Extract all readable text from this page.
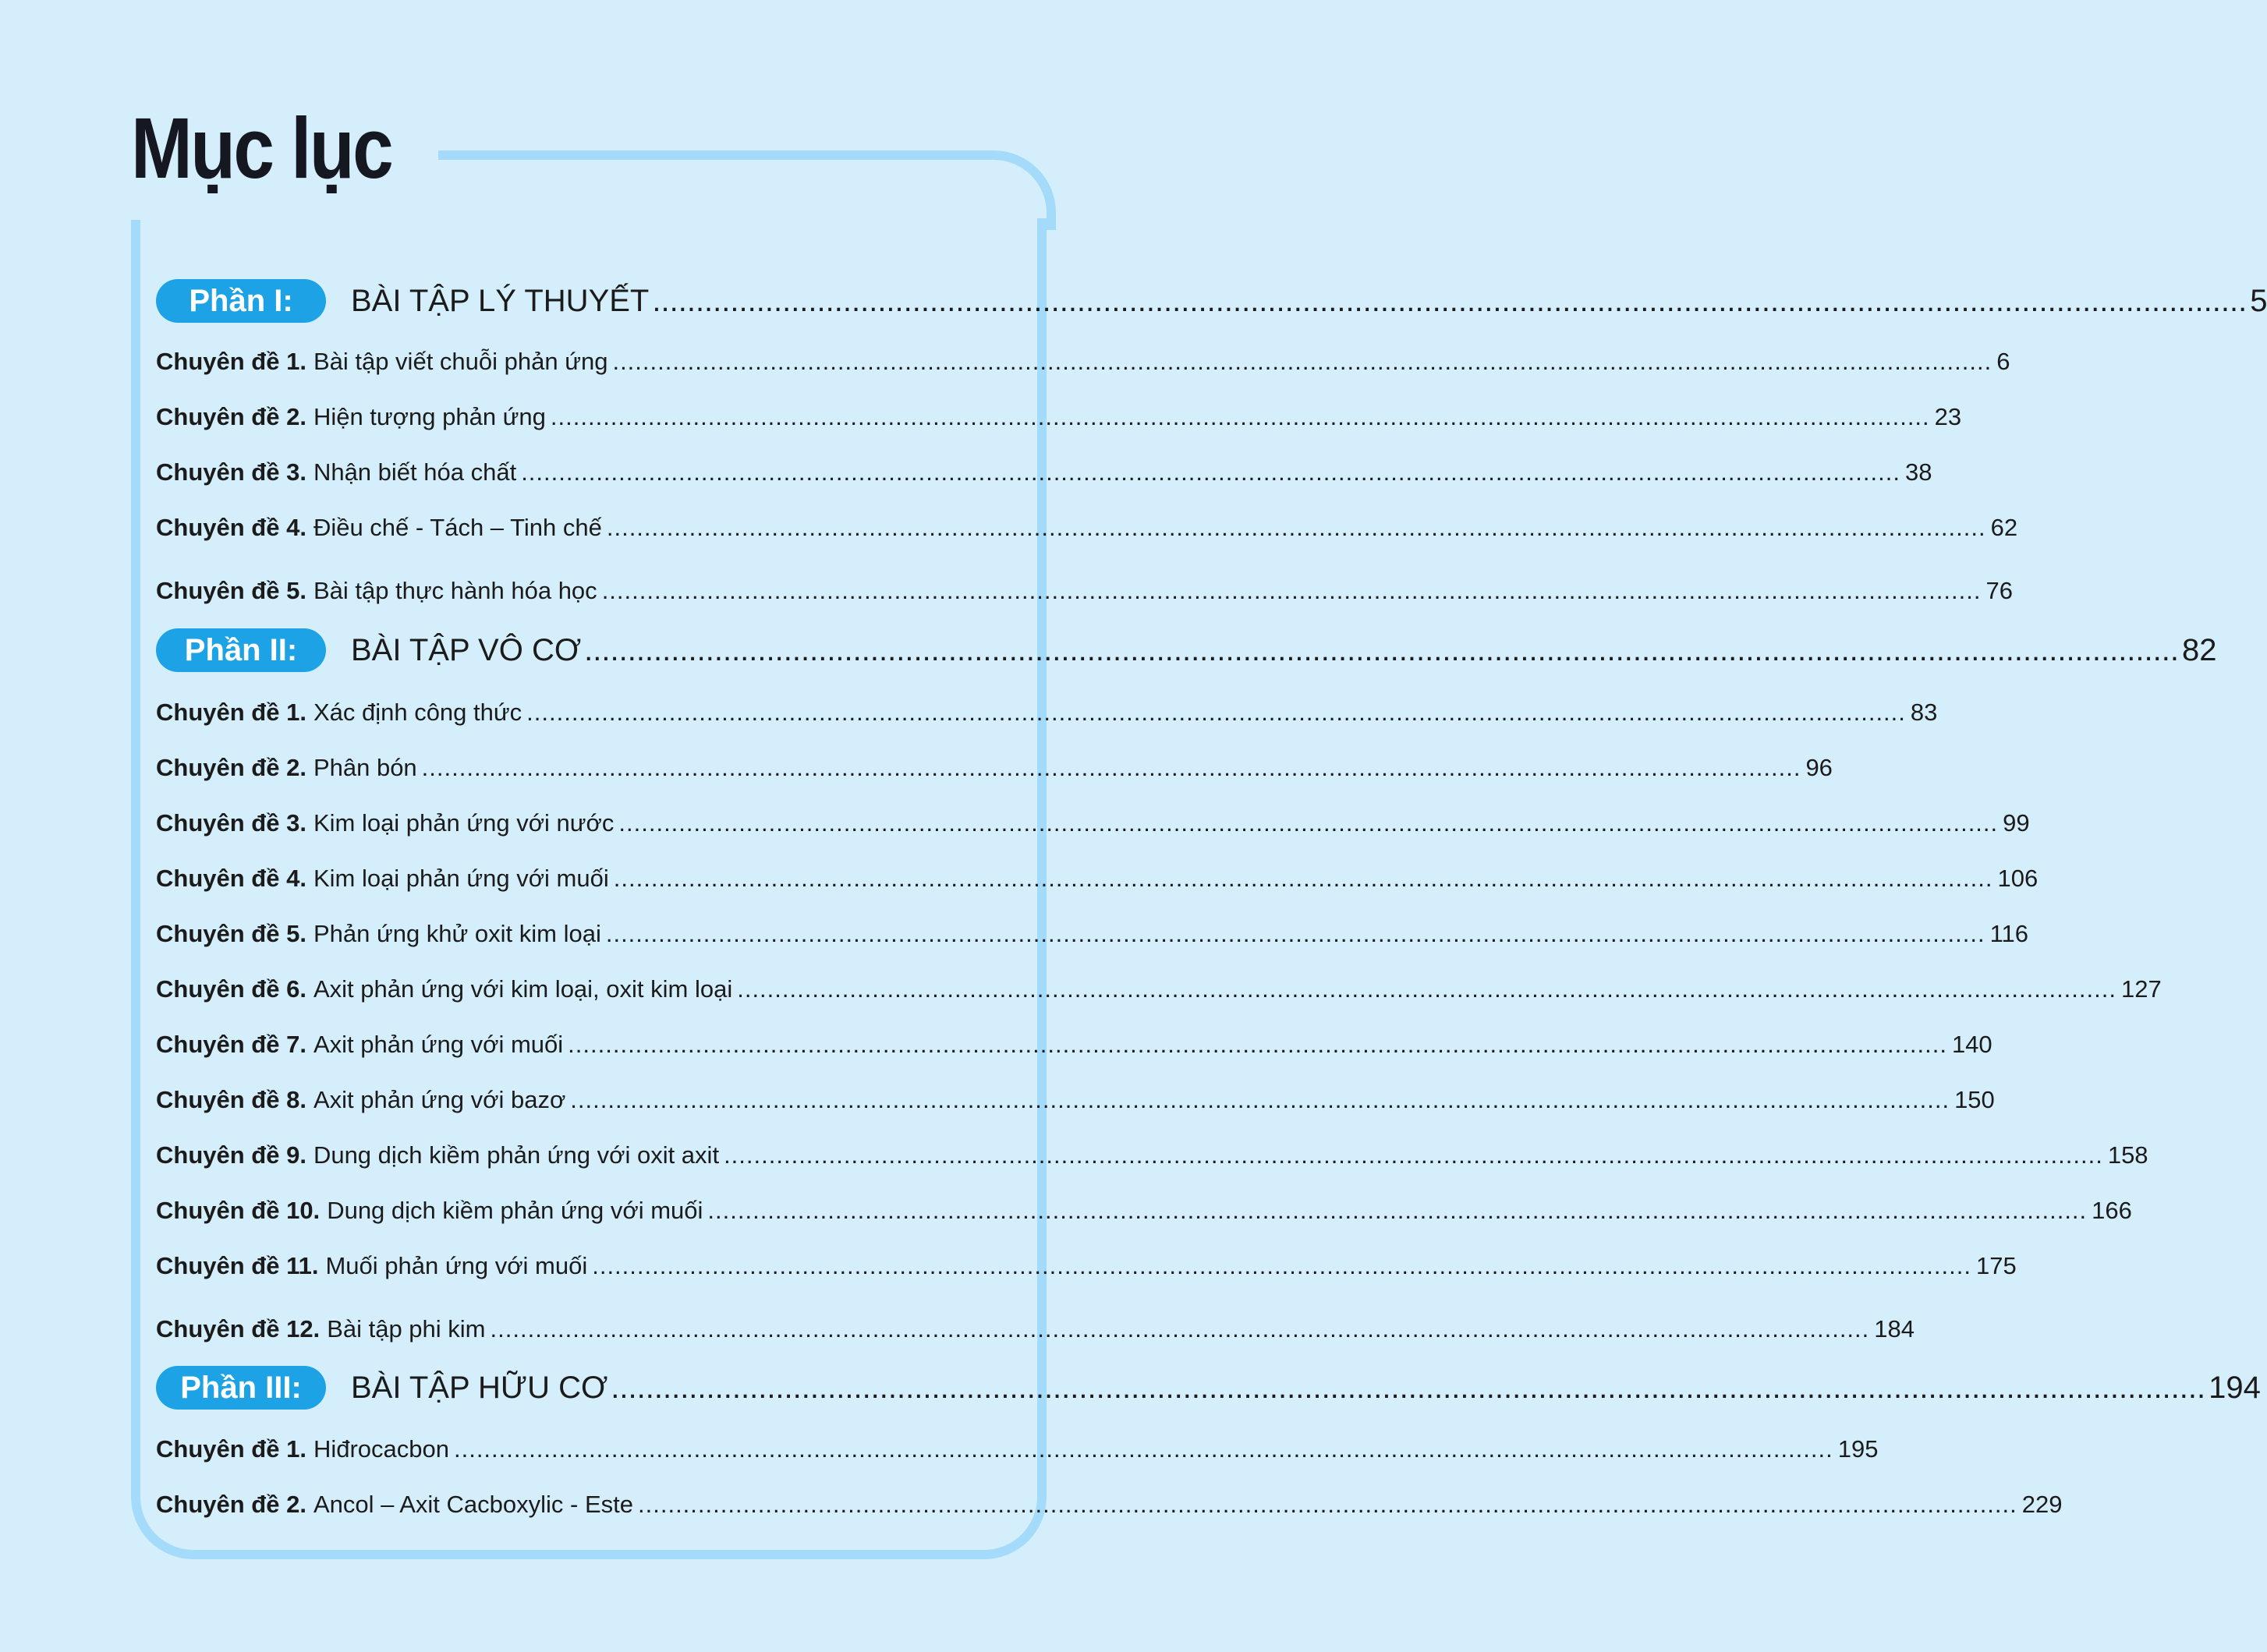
Mục lục
Phần I:	BÀI TẬP LÝ THUYẾT ........................................................................................................................................................................................ 5
Chuyên đề 1. Bài tập viết chuỗi phản ứng ........................................................................................................................................................................................ 6
Chuyên đề 2. Hiện tượng phản ứng ........................................................................................................................................................................................ 23
Chuyên đề 3. Nhận biết hóa chất ........................................................................................................................................................................................ 38
Chuyên đề 4. Điều chế - Tách – Tinh chế ........................................................................................................................................................................................ 62
Chuyên đề 5. Bài tập thực hành hóa học ........................................................................................................................................................................................ 76
Phần II:	BÀI TẬP VÔ CƠ ........................................................................................................................................................................................ 82
Chuyên đề 1. Xác định công thức ........................................................................................................................................................................................ 83
Chuyên đề 2. Phân bón ........................................................................................................................................................................................ 96
Chuyên đề 3. Kim loại phản ứng với nước ........................................................................................................................................................................................ 99
Chuyên đề 4. Kim loại phản ứng với muối ........................................................................................................................................................................................ 106
Chuyên đề 5. Phản ứng khử oxit kim loại ........................................................................................................................................................................................ 116
Chuyên đề 6. Axit phản ứng với kim loại, oxit kim loại ........................................................................................................................................................................................ 127
Chuyên đề 7. Axit phản ứng với muối ........................................................................................................................................................................................ 140
Chuyên đề 8. Axit phản ứng với bazơ ........................................................................................................................................................................................ 150
Chuyên đề 9. Dung dịch kiềm phản ứng với oxit axit ........................................................................................................................................................................................ 158
Chuyên đề 10. Dung dịch kiềm phản ứng với muối ........................................................................................................................................................................................ 166
Chuyên đề 11. Muối phản ứng với muối ........................................................................................................................................................................................ 175
Chuyên đề 12. Bài tập phi kim ........................................................................................................................................................................................ 184
Phần III:	BÀI TẬP HỮU CƠ ........................................................................................................................................................................................ 194
Chuyên đề 1. Hiđrocacbon ........................................................................................................................................................................................ 195
Chuyên đề 2. Ancol – Axit Cacboxylic - Este ........................................................................................................................................................................................ 229
